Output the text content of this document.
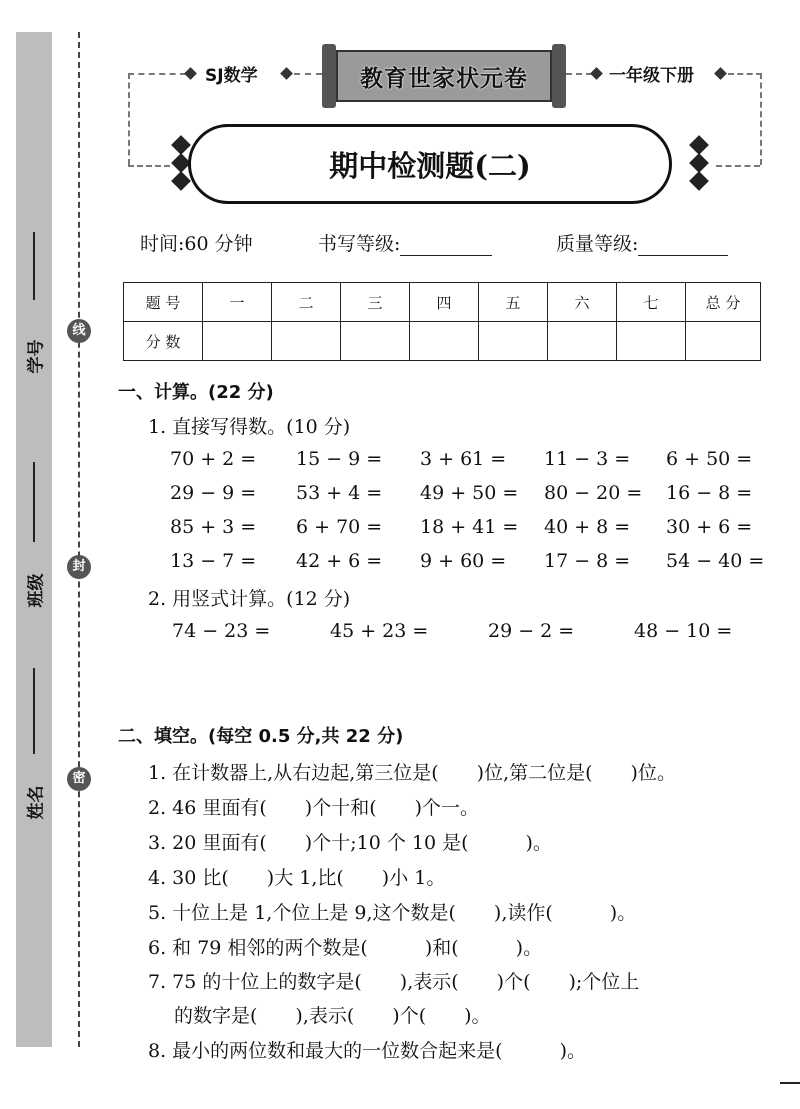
学号
班级
姓名
线
封
密
SJ数学	教育世家状元卷	一年级下册
期中检测题(二)
时间:60 分钟	书写等级:	质量等级:
题 号	一	二	三	四	五	六	七	总 分
分 数								
一、计算。(22 分)
1. 直接写得数。(10 分)
70 + 2 = 15 − 9 = 3 + 61 = 11 − 3 = 6 + 50 =
29 − 9 = 53 + 4 = 49 + 50 = 80 − 20 = 16 − 8 =
85 + 3 = 6 + 70 = 18 + 41 = 40 + 8 = 30 + 6 =
13 − 7 = 42 + 6 = 9 + 60 = 17 − 8 = 54 − 40 =
2. 用竖式计算。(12 分)
74 − 23 =	45 + 23 =	29 − 2 =	48 − 10 =
二、填空。(每空 0.5 分,共 22 分)
1. 在计数器上,从右边起,第三位是(　　)位,第二位是(　　)位。
2. 46 里面有(　　)个十和(　　)个一。
3. 20 里面有(　　)个十;10 个 10 是(　　　)。
4. 30 比(　　)大 1,比(　　)小 1。
5. 十位上是 1,个位上是 9,这个数是(　　),读作(　　　)。
6. 和 79 相邻的两个数是(　　　)和(　　　)。
7. 75 的十位上的数字是(　　),表示(　　)个(　　);个位上
的数字是(　　),表示(　　)个(　　)。
8. 最小的两位数和最大的一位数合起来是(　　　)。
